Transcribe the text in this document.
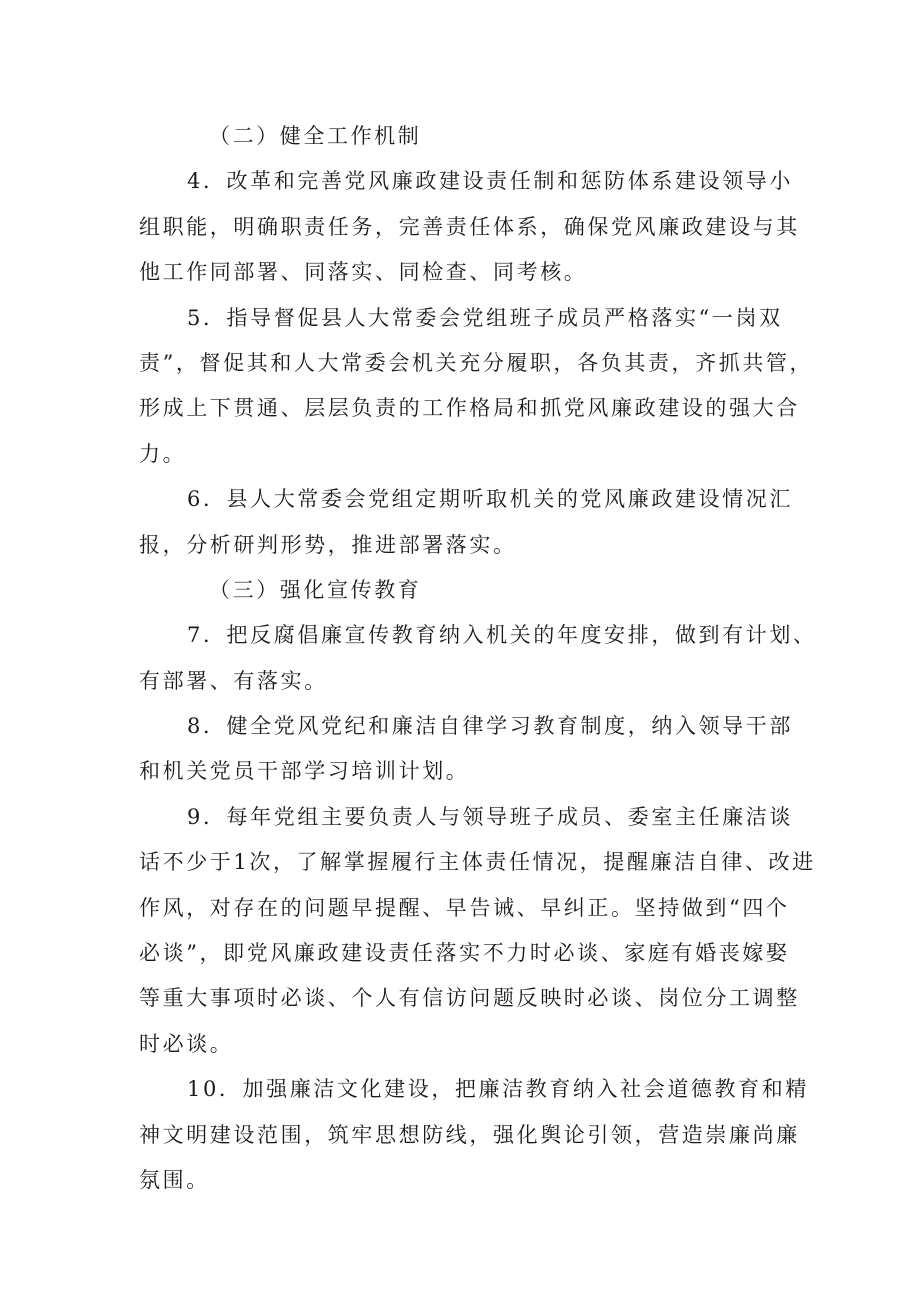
（二）健全工作机制
4．改革和完善党风廉政建设责任制和惩防体系建设领导小
组职能，明确职责任务，完善责任体系，确保党风廉政建设与其
他工作同部署、同落实、同检查、同考核。
5．指导督促县人大常委会党组班子成员严格落实“一岗双
责”，督促其和人大常委会机关充分履职，各负其责，齐抓共管，
形成上下贯通、层层负责的工作格局和抓党风廉政建设的强大合
力。
6．县人大常委会党组定期听取机关的党风廉政建设情况汇
报，分析研判形势，推进部署落实。
（三）强化宣传教育
7．把反腐倡廉宣传教育纳入机关的年度安排，做到有计划、
有部署、有落实。
8．健全党风党纪和廉洁自律学习教育制度，纳入领导干部
和机关党员干部学习培训计划。
9．每年党组主要负责人与领导班子成员、委室主任廉洁谈
话不少于1次，了解掌握履行主体责任情况，提醒廉洁自律、改进
作风，对存在的问题早提醒、早告诫、早纠正。坚持做到“四个
必谈”，即党风廉政建设责任落实不力时必谈、家庭有婚丧嫁娶
等重大事项时必谈、个人有信访问题反映时必谈、岗位分工调整
时必谈。
10．加强廉洁文化建设，把廉洁教育纳入社会道德教育和精
神文明建设范围，筑牢思想防线，强化舆论引领，营造崇廉尚廉
氛围。
